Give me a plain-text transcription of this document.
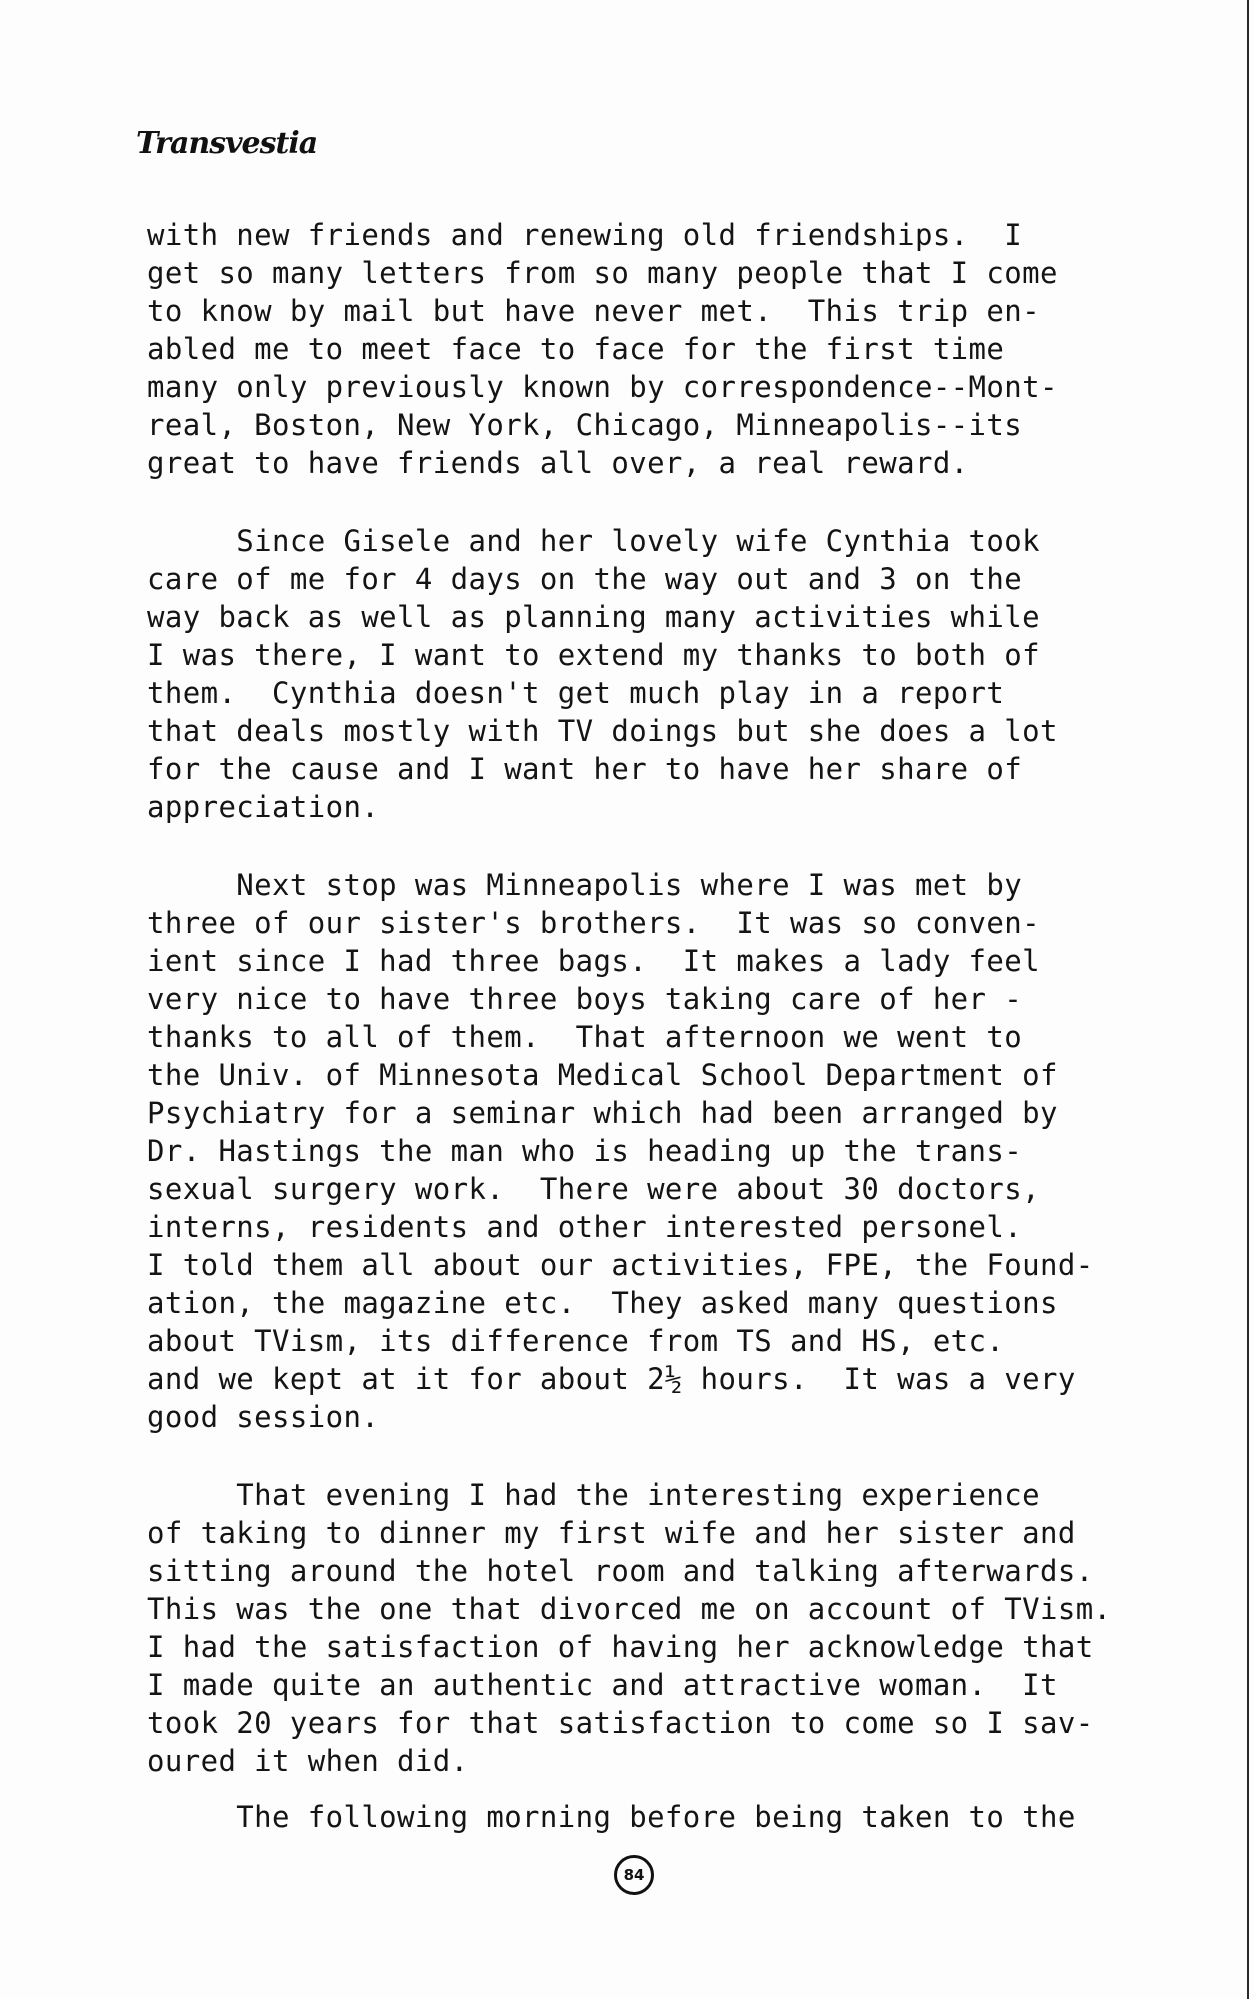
Transvestia
with new friends and renewing old friendships.  I
get so many letters from so many people that I come
to know by mail but have never met.  This trip en-
abled me to meet face to face for the first time
many only previously known by correspondence--Mont-
real, Boston, New York, Chicago, Minneapolis--its
great to have friends all over, a real reward.
Since Gisele and her lovely wife Cynthia took
care of me for 4 days on the way out and 3 on the
way back as well as planning many activities while
I was there, I want to extend my thanks to both of
them.  Cynthia doesn't get much play in a report
that deals mostly with TV doings but she does a lot
for the cause and I want her to have her share of
appreciation.
Next stop was Minneapolis where I was met by
three of our sister's brothers.  It was so conven-
ient since I had three bags.  It makes a lady feel
very nice to have three boys taking care of her -
thanks to all of them.  That afternoon we went to
the Univ. of Minnesota Medical School Department of
Psychiatry for a seminar which had been arranged by
Dr. Hastings the man who is heading up the trans-
sexual surgery work.  There were about 30 doctors,
interns, residents and other interested personel.
I told them all about our activities, FPE, the Found-
ation, the magazine etc.  They asked many questions
about TVism, its difference from TS and HS, etc.
and we kept at it for about 2½ hours.  It was a very
good session.
That evening I had the interesting experience
of taking to dinner my first wife and her sister and
sitting around the hotel room and talking afterwards.
This was the one that divorced me on account of TVism.
I had the satisfaction of having her acknowledge that
I made quite an authentic and attractive woman.  It
took 20 years for that satisfaction to come so I sav-
oured it when did.
The following morning before being taken to the
84
